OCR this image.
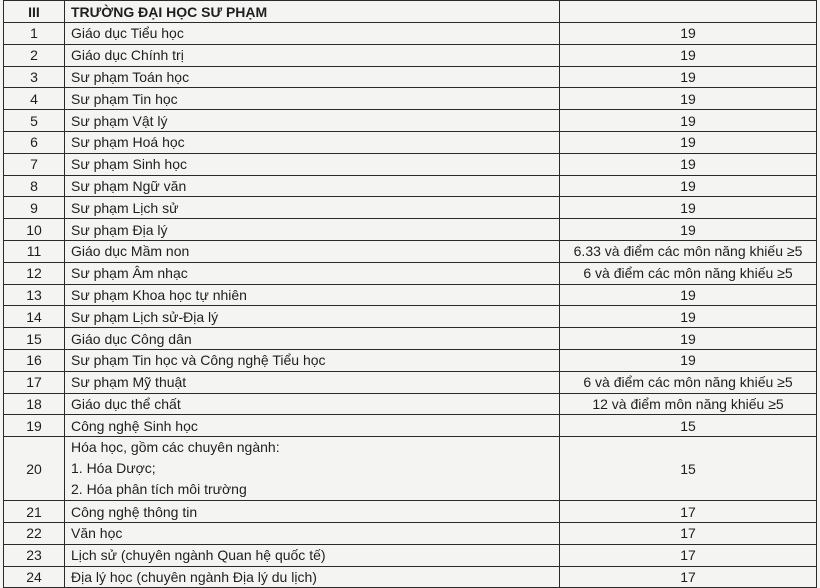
III	TRƯỜNG ĐẠI HỌC SƯ PHẠM	
1	Giáo dục Tiểu học	19
2	Giáo dục Chính trị	19
3	Sư phạm Toán học	19
4	Sư phạm Tin học	19
5	Sư phạm Vật lý	19
6	Sư phạm Hoá học	19
7	Sư phạm Sinh học	19
8	Sư phạm Ngữ văn	19
9	Sư phạm Lịch sử	19
10	Sư phạm Địa lý	19
11	Giáo dục Mầm non	6.33 và điểm các môn năng khiếu ≥5
12	Sư phạm Âm nhạc	6 và điểm các môn năng khiếu ≥5
13	Sư phạm Khoa học tự nhiên	19
14	Sư phạm Lịch sử-Địa lý	19
15	Giáo dục Công dân	19
16	Sư phạm Tin học và Công nghệ Tiểu học	19
17	Sư phạm Mỹ thuật	6 và điểm các môn năng khiếu ≥5
18	Giáo dục thể chất	12 và điểm môn năng khiếu ≥5
19	Công nghệ Sinh học	15
20	Hóa học, gồm các chuyên ngành:
1. Hóa Dược;
2. Hóa phân tích môi trường	15
21	Công nghệ thông tin	17
22	Văn học	17
23	Lịch sử (chuyên ngành Quan hệ quốc tế)	17
24	Địa lý học (chuyên ngành Địa lý du lịch)	17
